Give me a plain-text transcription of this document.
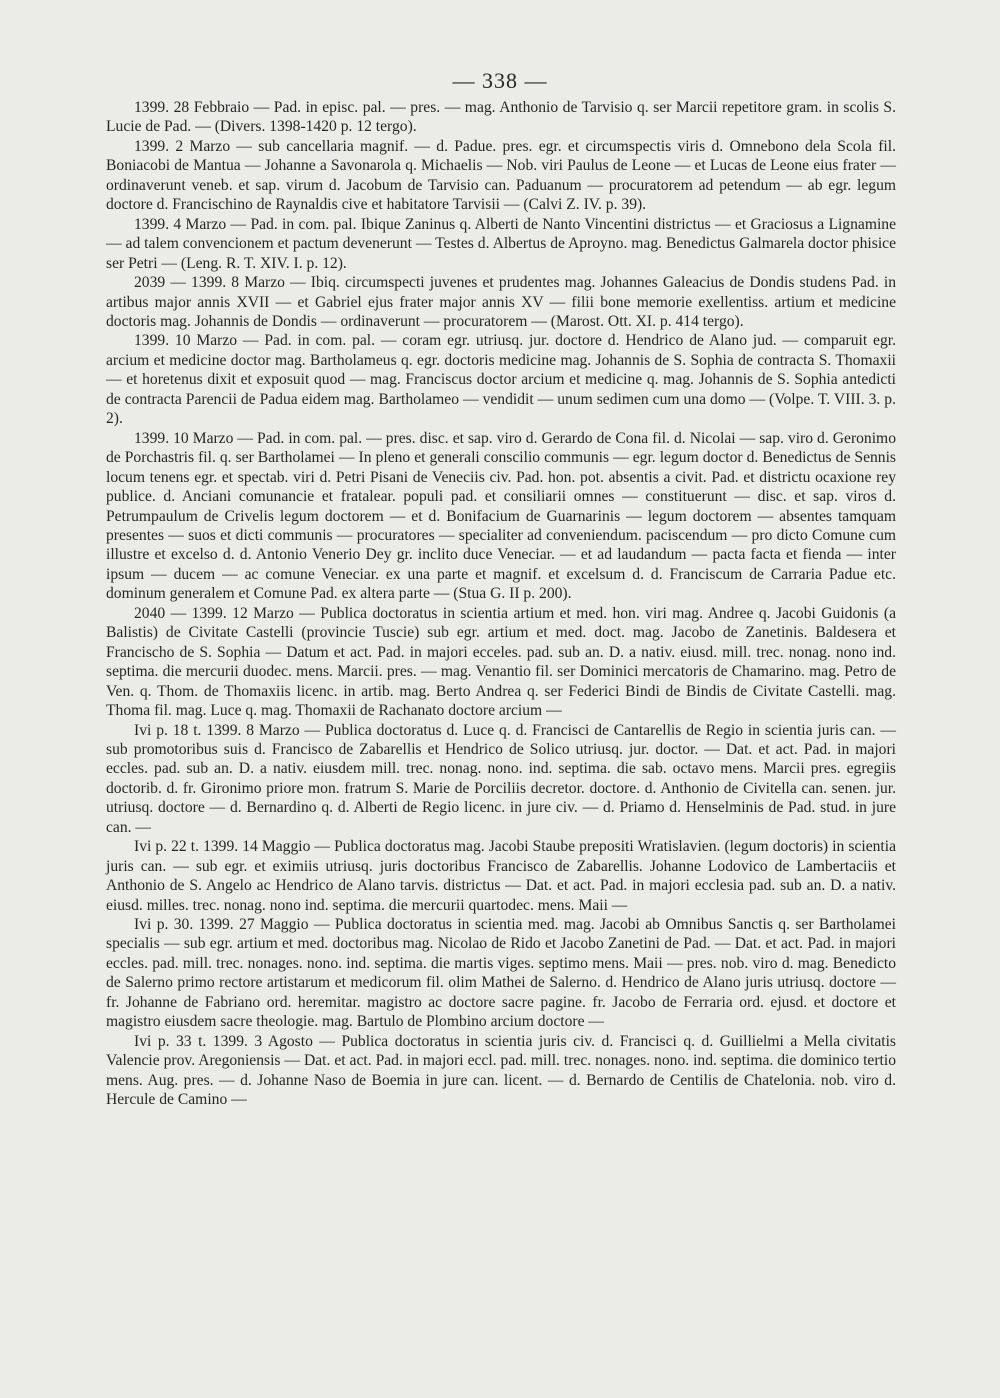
— 338 —

1399. 28 Febbraio — Pad. in episc. pal. — pres. — mag. Anthonio de Tarvisio q. ser Marcii repetitore gram. in scolis S. Lucie de Pad. — (Divers. 1398-1420 p. 12 tergo).

1399. 2 Marzo — sub cancellaria magnif. — d. Padue. pres. egr. et circumspectis viris d. Omnebono dela Scola fil. Boniacobi de Mantua — Johanne a Savonarola q. Michaelis — Nob. viri Paulus de Leone — et Lucas de Leone eius frater — ordinaverunt veneb. et sap. virum d. Jacobum de Tarvisio can. Paduanum — procuratorem ad petendum — ab egr. legum doctore d. Francischino de Raynaldis cive et habitatore Tarvisii — (Calvi Z. IV. p. 39).

1399. 4 Marzo — Pad. in com. pal. Ibique Zaninus q. Alberti de Nanto Vincentini districtus — et Graciosus a Lignamine — ad talem convencionem et pactum devenerunt — Testes d. Albertus de Aproyno. mag. Benedictus Galmarela doctor phisice ser Petri — (Leng. R. T. XIV. I. p. 12).

2039 — 1399. 8 Marzo — Ibiq. circumspecti juvenes et prudentes mag. Johannes Galeacius de Dondis studens Pad. in artibus major annis XVII — et Gabriel ejus frater major annis XV — filii bone memorie exellentiss. artium et medicine doctoris mag. Johannis de Dondis — ordinaverunt — procuratorem — (Marost. Ott. XI. p. 414 tergo).

1399. 10 Marzo — Pad. in com. pal. — coram egr. utriusq. jur. doctore d. Hendrico de Alano jud. — comparuit egr. arcium et medicine doctor mag. Bartholameus q. egr. doctoris medicine mag. Johannis de S. Sophia de contracta S. Thomaxii — et horetenus dixit et exposuit quod — mag. Franciscus doctor arcium et medicine q. mag. Johannis de S. Sophia antedicti de contracta Parencii de Padua eidem mag. Bartholameo — vendidit — unum sedimen cum una domo — (Volpe. T. VIII. 3. p. 2).

1399. 10 Marzo — Pad. in com. pal. — pres. disc. et sap. viro d. Gerardo de Cona fil. d. Nicolai — sap. viro d. Geronimo de Porchastris fil. q. ser Bartholamei — In pleno et generali conscilio communis — egr. legum doctor d. Benedictus de Sennis locum tenens egr. et spectab. viri d. Petri Pisani de Veneciis civ. Pad. hon. pot. absentis a civit. Pad. et districtu ocaxione rey publice. d. Anciani comunancie et fratalear. populi pad. et consiliarii omnes — constituerunt — disc. et sap. viros d. Petrumpaulum de Crivelis legum doctorem — et d. Bonifacium de Guarnarinis — legum doctorem — absentes tamquam presentes — suos et dicti communis — procuratores — specialiter ad conveniendum. paciscendum — pro dicto Comune cum illustre et excelso d. d. Antonio Venerio Dey gr. inclito duce Veneciar. — et ad laudandum — pacta facta et fienda — inter ipsum — ducem — ac comune Veneciar. ex una parte et magnif. et excelsum d. d. Franciscum de Carraria Padue etc. dominum generalem et Comune Pad. ex altera parte — (Stua G. II p. 200).

2040 — 1399. 12 Marzo — Publica doctoratus in scientia artium et med. hon. viri mag. Andree q. Jacobi Guidonis (a Balistis) de Civitate Castelli (provincie Tuscie) sub egr. artium et med. doct. mag. Jacobo de Zanetinis. Baldesera et Francischo de S. Sophia — Datum et act. Pad. in majori ecceles. pad. sub an. D. a nativ. eiusd. mill. trec. nonag. nono ind. septima. die mercurii duodec. mens. Marcii. pres. — mag. Venantio fil. ser Dominici mercatoris de Chamarino. mag. Petro de Ven. q. Thom. de Thomaxiis licenc. in artib. mag. Berto Andrea q. ser Federici Bindi de Bindis de Civitate Castelli. mag. Thoma fil. mag. Luce q. mag. Thomaxii de Rachanato doctore arcium —

Ivi p. 18 t. 1399. 8 Marzo — Publica doctoratus d. Luce q. d. Francisci de Cantarellis de Regio in scientia juris can. — sub promotoribus suis d. Francisco de Zabarellis et Hendrico de Solico utriusq. jur. doctor. — Dat. et act. Pad. in majori eccles. pad. sub an. D. a nativ. eiusdem mill. trec. nonag. nono. ind. septima. die sab. octavo mens. Marcii pres. egregiis doctorib. d. fr. Gironimo priore mon. fratrum S. Marie de Porciliis decretor. doctore. d. Anthonio de Civitella can. senen. jur. utriusq. doctore — d. Bernardino q. d. Alberti de Regio licenc. in jure civ. — d. Priamo d. Henselminis de Pad. stud. in jure can. —

Ivi p. 22 t. 1399. 14 Maggio — Publica doctoratus mag. Jacobi Staube prepositi Wratislavien. (legum doctoris) in scientia juris can. — sub egr. et eximiis utriusq. juris doctoribus Francisco de Zabarellis. Johanne Lodovico de Lambertaciis et Anthonio de S. Angelo ac Hendrico de Alano tarvis. districtus — Dat. et act. Pad. in majori ecclesia pad. sub an. D. a nativ. eiusd. milles. trec. nonag. nono ind. septima. die mercurii quartodec. mens. Maii —

Ivi p. 30. 1399. 27 Maggio — Publica doctoratus in scientia med. mag. Jacobi ab Omnibus Sanctis q. ser Bartholamei specialis — sub egr. artium et med. doctoribus mag. Nicolao de Rido et Jacobo Zanetini de Pad. — Dat. et act. Pad. in majori eccles. pad. mill. trec. nonages. nono. ind. septima. die martis viges. septimo mens. Maii — pres. nob. viro d. mag. Benedicto de Salerno primo rectore artistarum et medicorum fil. olim Mathei de Salerno. d. Hendrico de Alano juris utriusq. doctore — fr. Johanne de Fabriano ord. heremitar. magistro ac doctore sacre pagine. fr. Jacobo de Ferraria ord. ejusd. et doctore et magistro eiusdem sacre theologie. mag. Bartulo de Plombino arcium doctore —

Ivi p. 33 t. 1399. 3 Agosto — Publica doctoratus in scientia juris civ. d. Francisci q. d. Guillielmi a Mella civitatis Valencie prov. Aregoniensis — Dat. et act. Pad. in majori eccl. pad. mill. trec. nonages. nono. ind. septima. die dominico tertio mens. Aug. pres. — d. Johanne Naso de Boemia in jure can. licent. — d. Bernardo de Centilis de Chatelonia. nob. viro d. Hercule de Camino —
